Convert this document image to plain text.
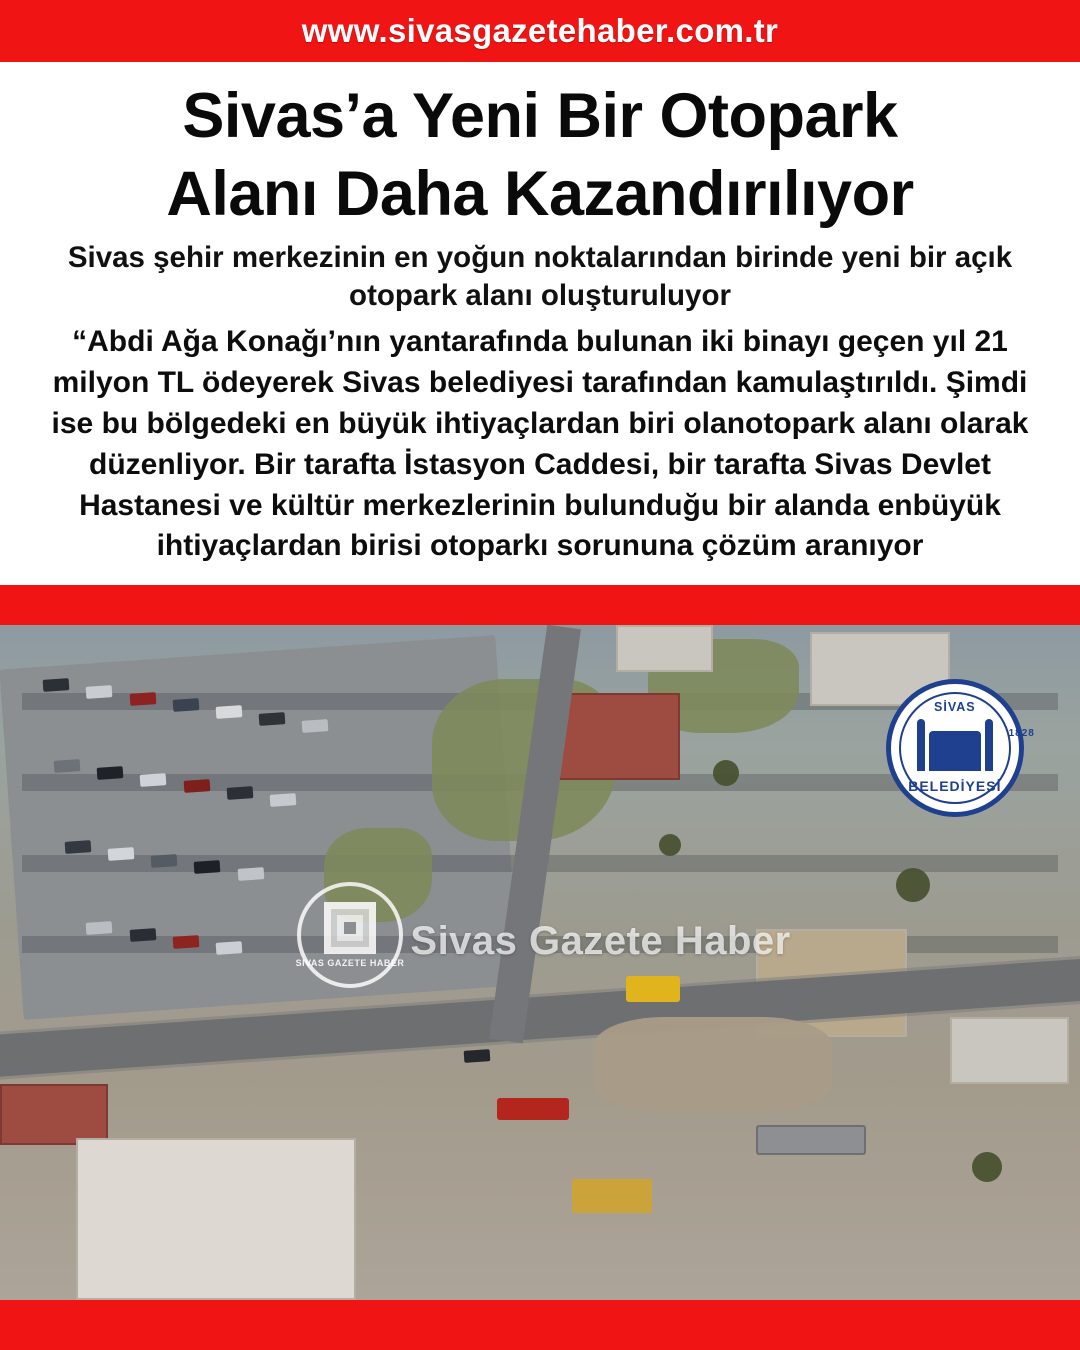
www.sivasgazetehaber.com.tr
Sivas’a Yeni Bir Otopark
Alanı Daha Kazandırılıyor

Sivas şehir merkezinin en yoğun noktalarından birinde yeni bir açık otopark alanı oluşturuluyor

“Abdi Ağa Konağı’nın yantarafında bulunan iki binayı geçen yıl 21 milyon TL ödeyerek Sivas belediyesi tarafından kamulaştırıldı. Şimdi ise bu bölgedeki en büyük ihtiyaçlardan biri olanotopark alanı olarak düzenliyor. Bir tarafta İstasyon Caddesi, bir tarafta Sivas Devlet Hastanesi ve kültür merkezlerinin bulunduğu bir alanda enbüyük ihtiyaçlardan birisi otoparkı sorununa çözüm aranıyor

SIVAS GAZETE HABER Sivas Gazete Haber
SİVAS
1828
BELEDİYESİ
